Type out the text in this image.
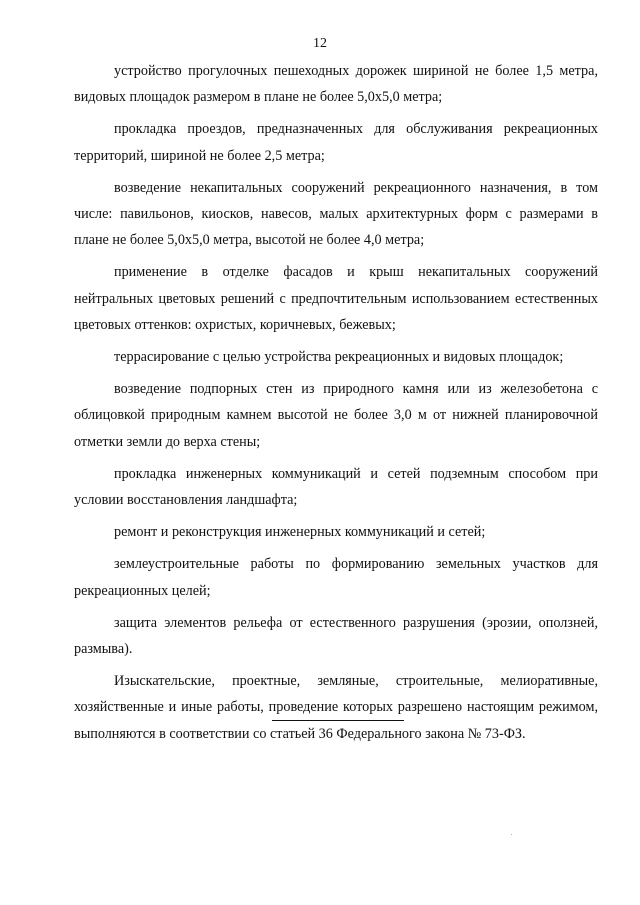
12

устройство прогулочных пешеходных дорожек шириной не более 1,5 метра, видовых площадок размером в плане не более 5,0х5,0 метра;

прокладка проездов, предназначенных для обслуживания рекреационных территорий, шириной не более 2,5 метра;

возведение некапитальных сооружений рекреационного назначения, в том числе: павильонов, киосков, навесов, малых архитектурных форм с размерами в плане не более 5,0х5,0 метра, высотой не более 4,0 метра;

применение в отделке фасадов и крыш некапитальных сооружений нейтральных цветовых решений с предпочтительным использованием естественных цветовых оттенков: охристых, коричневых, бежевых;

террасирование с целью устройства рекреационных и видовых площадок;

возведение подпорных стен из природного камня или из железобетона с облицовкой природным камнем высотой не более 3,0 м от нижней планировочной отметки земли до верха стены;

прокладка инженерных коммуникаций и сетей подземным способом при условии восстановления ландшафта;

ремонт и реконструкция инженерных коммуникаций и сетей;

землеустроительные работы по формированию земельных участков для рекреационных целей;

защита элементов рельефа от естественного разрушения (эрозии, оползней, размыва).

Изыскательские, проектные, земляные, строительные, мелиоративные, хозяйственные и иные работы, проведение которых разрешено настоящим режимом, выполняются в соответствии со статьей 36 Федерального закона № 73-ФЗ.
